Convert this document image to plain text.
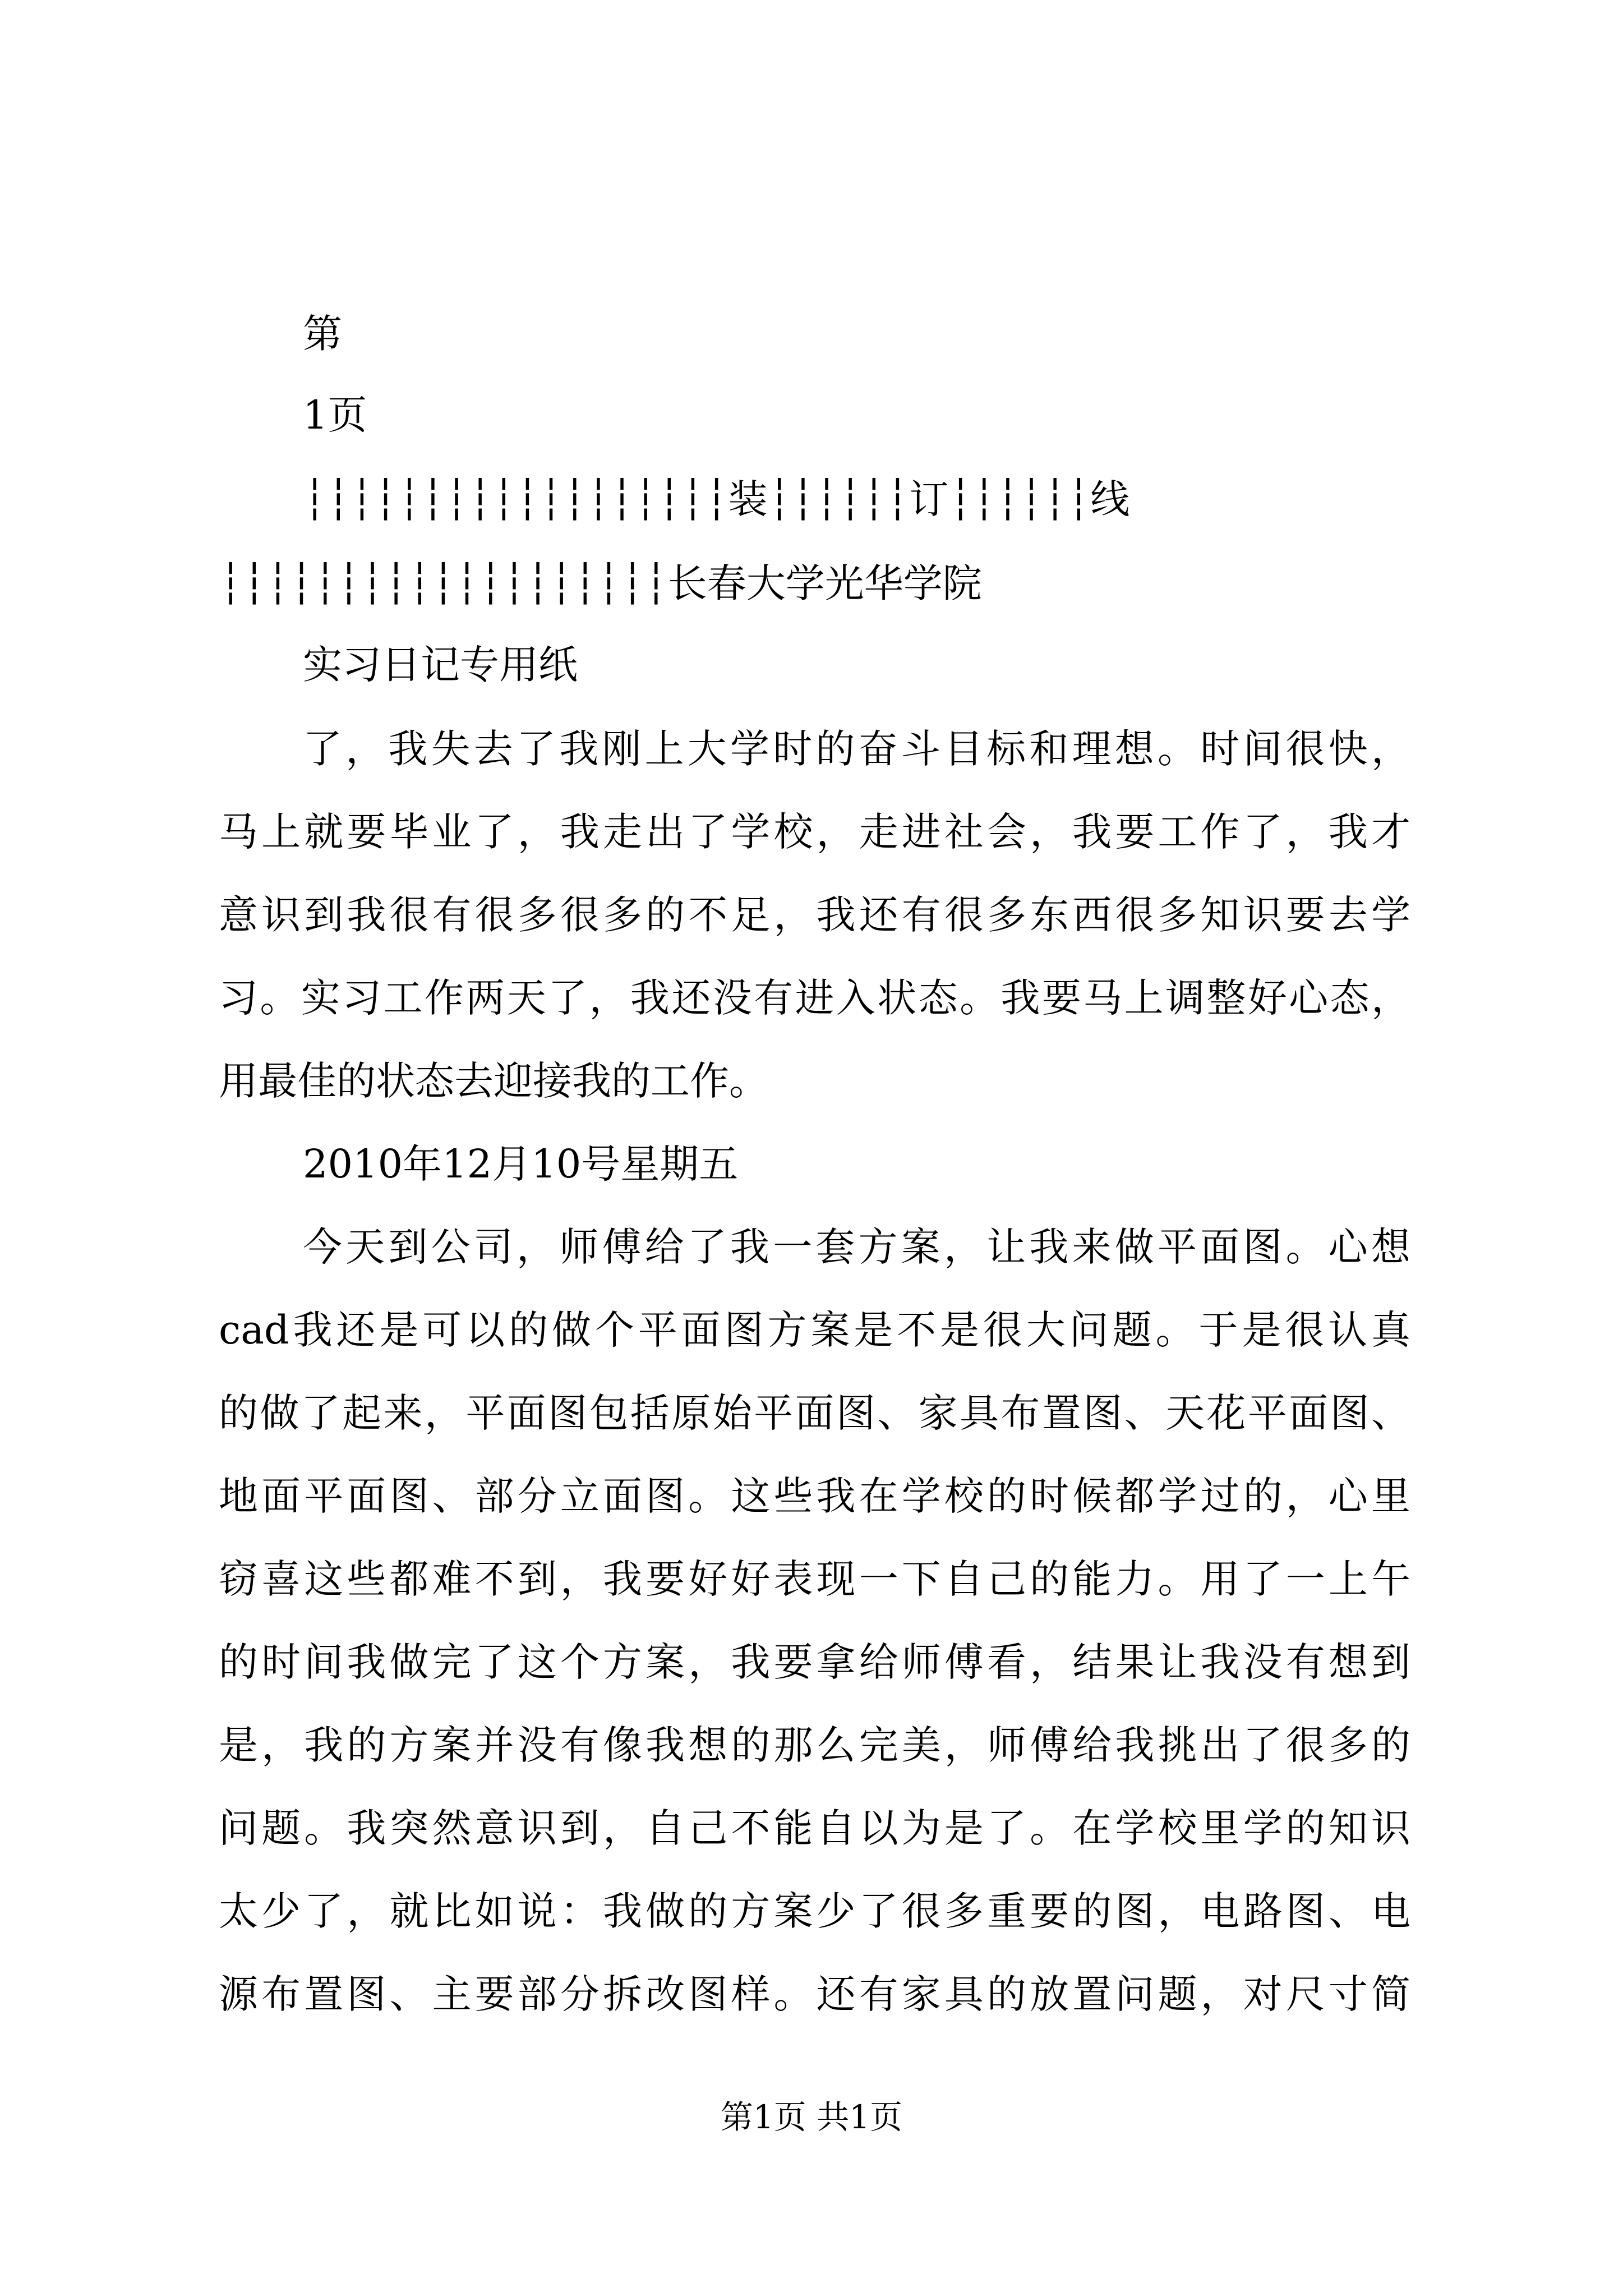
第
1页
┆┆┆┆┆┆┆┆┆┆┆┆┆┆┆┆┆┆装┆┆┆┆┆┆订┆┆┆┆┆┆线
┆┆┆┆┆┆┆┆┆┆┆┆┆┆┆┆┆┆┆长春大学光华学院
实习日记专用纸
了，我失去了我刚上大学时的奋斗目标和理想。时间很快，
马上就要毕业了，我走出了学校，走进社会，我要工作了，我才
意识到我很有很多很多的不足，我还有很多东西很多知识要去学
习。实习工作两天了，我还没有进入状态。我要马上调整好心态，
用最佳的状态去迎接我的工作。
2010年12月10号星期五
今天到公司，师傅给了我一套方案，让我来做平面图。心想
cad我还是可以的做个平面图方案是不是很大问题。于是很认真
的做了起来，平面图包括原始平面图、家具布置图、天花平面图、
地面平面图、部分立面图。这些我在学校的时候都学过的，心里
窃喜这些都难不到，我要好好表现一下自己的能力。用了一上午
的时间我做完了这个方案，我要拿给师傅看，结果让我没有想到
是，我的方案并没有像我想的那么完美，师傅给我挑出了很多的
问题。我突然意识到，自己不能自以为是了。在学校里学的知识
太少了，就比如说：我做的方案少了很多重要的图，电路图、电
源布置图、主要部分拆改图样。还有家具的放置问题，对尺寸简
第1页 共1页
